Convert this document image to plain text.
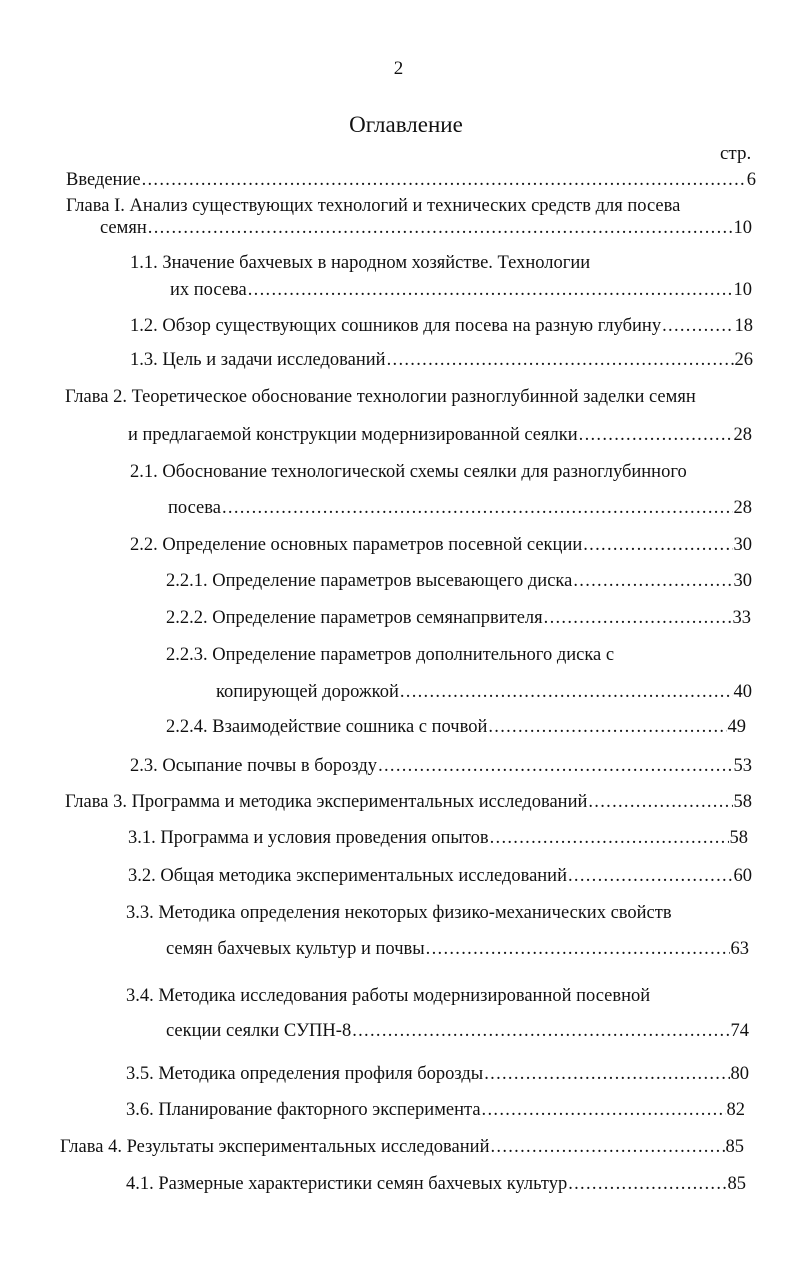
2
Оглавление
стр.
Введение .....	6
Глава I. Анализ существующих технологий и технических средств для посева
семян .....	10
1.1. Значение бахчевых в народном хозяйстве. Технологии
их посева .....	10
1.2. Обзор существующих сошников для посева на разную глубину .....	18
1.3. Цель и задачи исследований .....	26
Глава 2. Теоретическое обоснование технологии разноглубинной заделки семян
и предлагаемой конструкции модернизированной сеялки .....	28
2.1. Обоснование технологической схемы сеялки для разноглубинного
посева .....	28
2.2. Определение основных параметров посевной секции .....	30
2.2.1. Определение параметров высевающего диска .....	30
2.2.2. Определение параметров семянапрвителя .....	33
2.2.3. Определение параметров дополнительного диска с
копирующей дорожкой .....	40
2.2.4. Взаимодействие сошника с почвой .....	49
2.3. Осыпание почвы в борозду .....	53
Глава 3. Программа и методика экспериментальных исследований .....	58
3.1. Программа и условия проведения опытов .....	58
3.2. Общая методика экспериментальных исследований .....	60
3.3. Методика определения некоторых физико-механических свойств
семян бахчевых культур и почвы .....	63
3.4. Методика исследования работы модернизированной посевной
секции сеялки СУПН-8 .....	74
3.5. Методика определения профиля борозды .....	80
3.6. Планирование факторного эксперимента .....	82
Глава 4. Результаты экспериментальных исследований .....	85
4.1. Размерные характеристики семян бахчевых культур .....	85
